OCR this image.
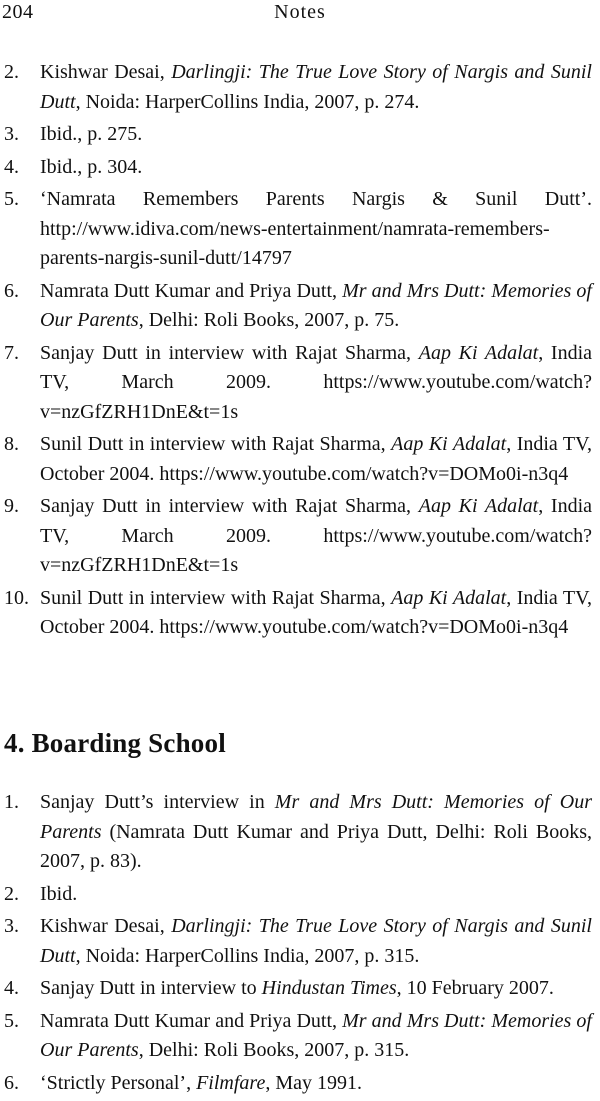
204	Notes
2. Kishwar Desai, Darlingji: The True Love Story of Nargis and Sunil Dutt, Noida: HarperCollins India, 2007, p. 274.
3. Ibid., p. 275.
4. Ibid., p. 304.
5. ‘Namrata Remembers Parents Nargis & Sunil Dutt’. http://www.idiva.com/news-entertainment/namrata-remembers-parents-nargis-sunil-dutt/14797
6. Namrata Dutt Kumar and Priya Dutt, Mr and Mrs Dutt: Memories of Our Parents, Delhi: Roli Books, 2007, p. 75.
7. Sanjay Dutt in interview with Rajat Sharma, Aap Ki Adalat, India TV, March 2009. https://www.youtube.com/watch?v=nzGfZRH1DnE&t=1s
8. Sunil Dutt in interview with Rajat Sharma, Aap Ki Adalat, India TV, October 2004. https://www.youtube.com/watch?v=DOMo0i-n3q4
9. Sanjay Dutt in interview with Rajat Sharma, Aap Ki Adalat, India TV, March 2009. https://www.youtube.com/watch?v=nzGfZRH1DnE&t=1s
10. Sunil Dutt in interview with Rajat Sharma, Aap Ki Adalat, India TV, October 2004. https://www.youtube.com/watch?v=DOMo0i-n3q4
4. Boarding School
1. Sanjay Dutt’s interview in Mr and Mrs Dutt: Memories of Our Parents (Namrata Dutt Kumar and Priya Dutt, Delhi: Roli Books, 2007, p. 83).
2. Ibid.
3. Kishwar Desai, Darlingji: The True Love Story of Nargis and Sunil Dutt, Noida: HarperCollins India, 2007, p. 315.
4. Sanjay Dutt in interview to Hindustan Times, 10 February 2007.
5. Namrata Dutt Kumar and Priya Dutt, Mr and Mrs Dutt: Memories of Our Parents, Delhi: Roli Books, 2007, p. 315.
6. ‘Strictly Personal’, Filmfare, May 1991.
